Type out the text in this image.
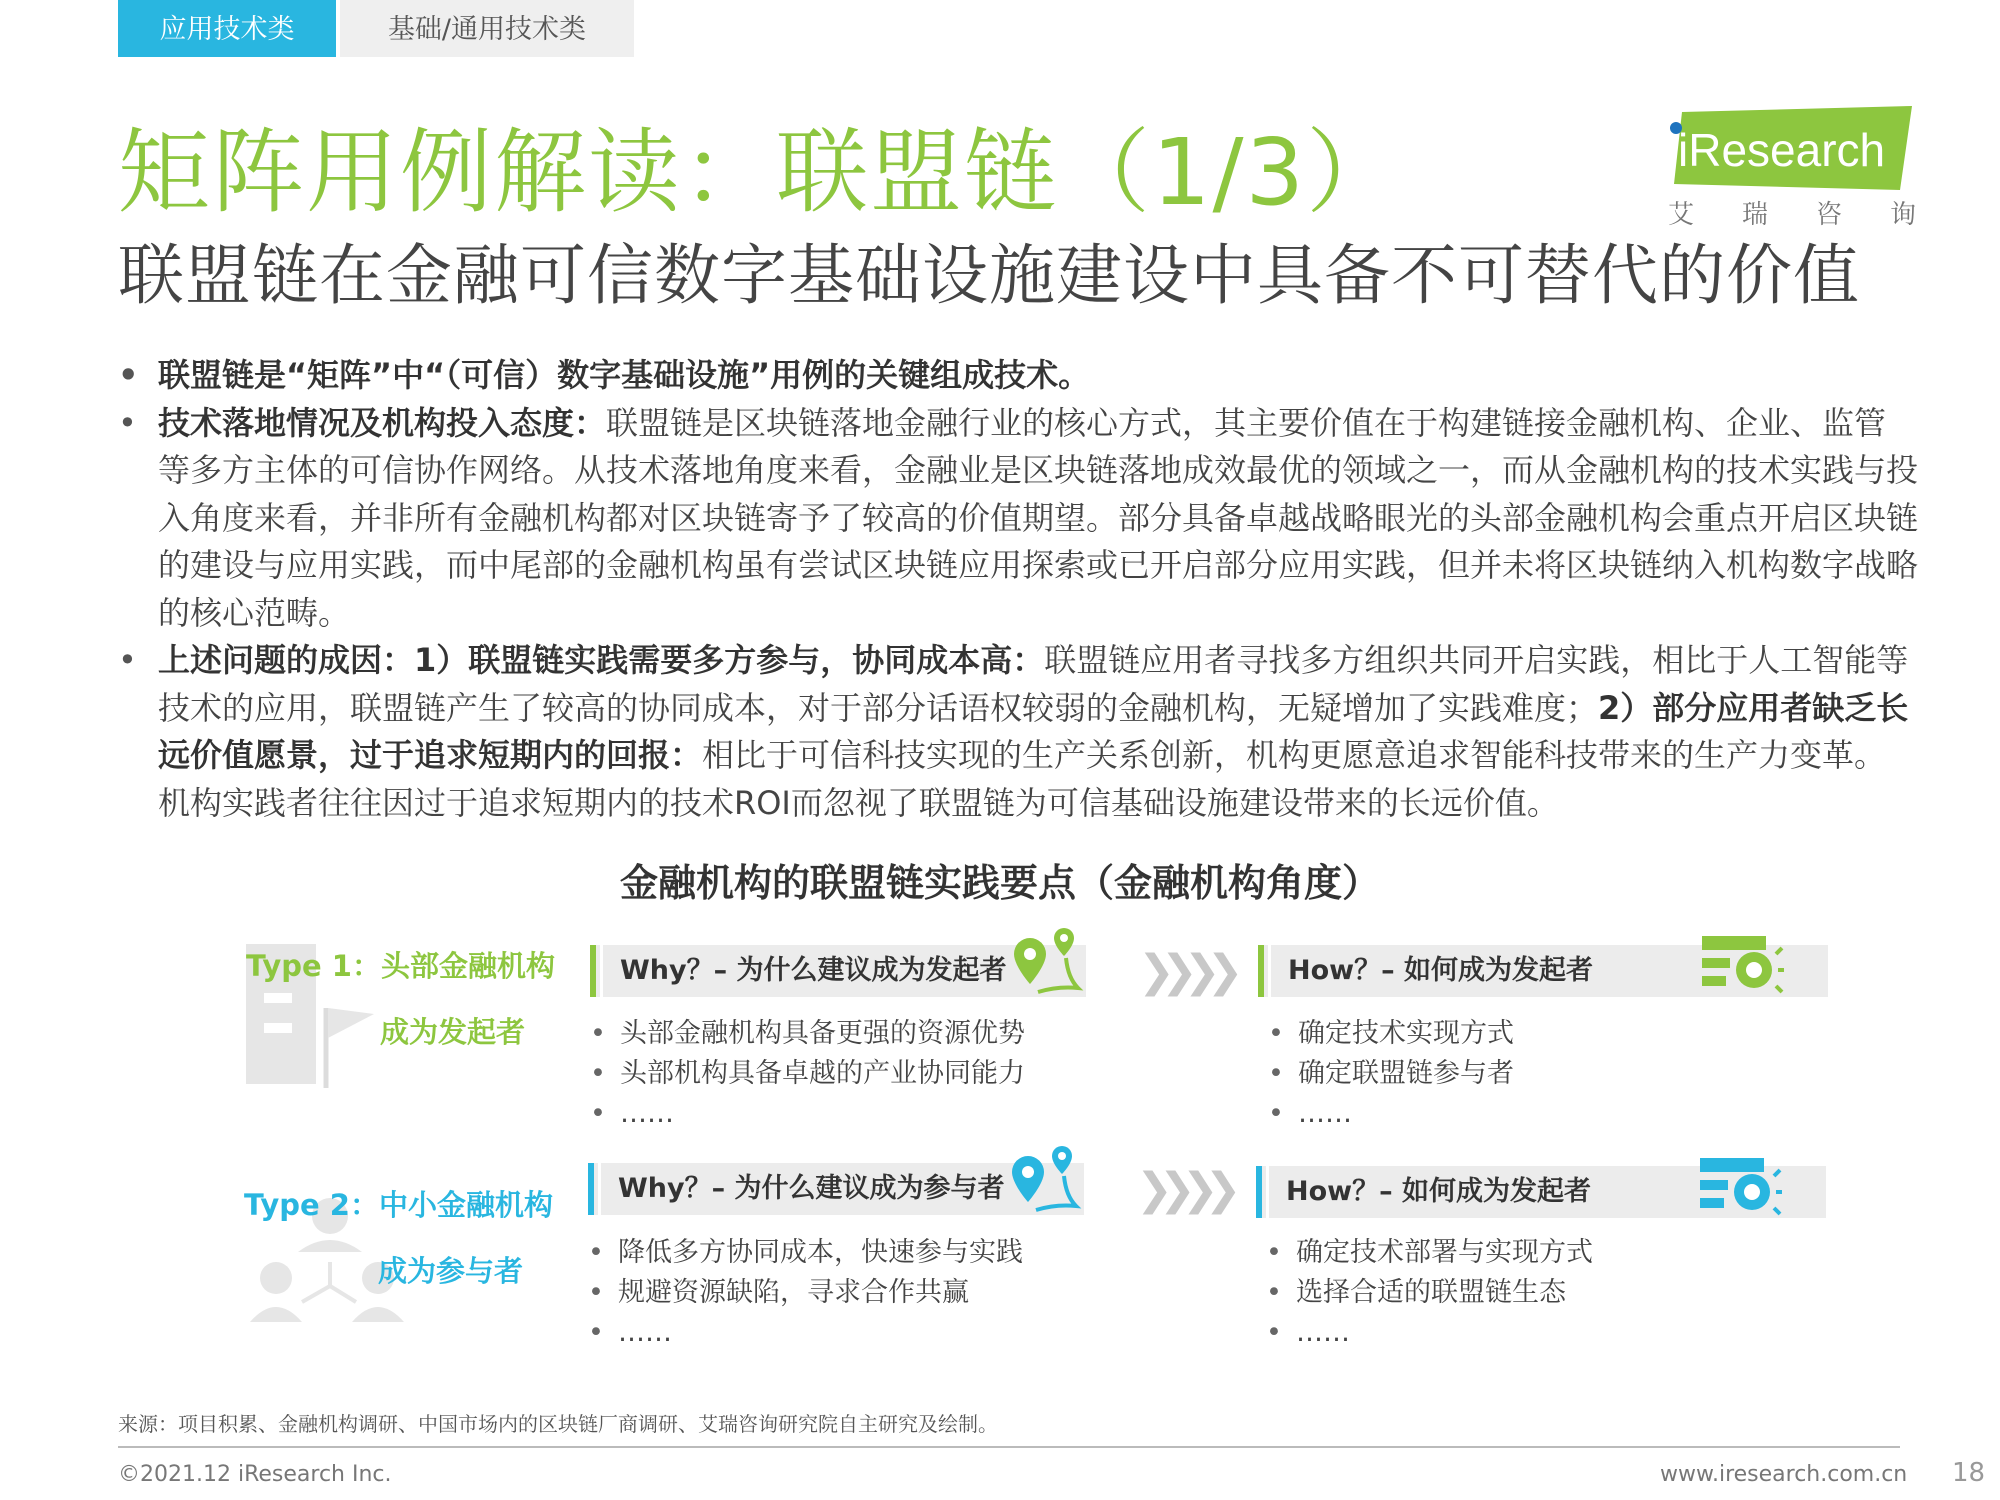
应用技术类	基础/通用技术类
矩阵用例解读：联盟链（1/3）
联盟链在金融可信数字基础设施建设中具备不可替代的价值
iResearch
艾 瑞 咨 询
• 联盟链是“矩阵”中“（可信）数字基础设施”用例的关键组成技术。
• 技术落地情况及机构投入态度：联盟链是区块链落地金融行业的核心方式，其主要价值在于构建链接金融机构、企业、监管等多方主体的可信协作网络。从技术落地角度来看，金融业是区块链落地成效最优的领域之一，而从金融机构的技术实践与投入角度来看，并非所有金融机构都对区块链寄予了较高的价值期望。部分具备卓越战略眼光的头部金融机构会重点开启区块链的建设与应用实践，而中尾部的金融机构虽有尝试区块链应用探索或已开启部分应用实践，但并未将区块链纳入机构数字战略的核心范畴。
• 上述问题的成因：1）联盟链实践需要多方参与，协同成本高：联盟链应用者寻找多方组织共同开启实践，相比于人工智能等技术的应用，联盟链产生了较高的协同成本，对于部分话语权较弱的金融机构，无疑增加了实践难度；2）部分应用者缺乏长远价值愿景，过于追求短期内的回报：相比于可信科技实现的生产关系创新，机构更愿意追求智能科技带来的生产力变革。机构实践者往往因过于追求短期内的技术ROI而忽视了联盟链为可信基础设施建设带来的长远价值。
金融机构的联盟链实践要点（金融机构角度）
Type 1：头部金融机构
成为发起者
Why？– 为什么建议成为发起者
• 头部金融机构具备更强的资源优势
• 头部机构具备卓越的产业协同能力
• ……
❯❯❯❯	How？– 如何成为发起者
• 确定技术实现方式
• 确定联盟链参与者
• ……
Type 2：中小金融机构
成为参与者
Why？– 为什么建议成为参与者
• 降低多方协同成本，快速参与实践
• 规避资源缺陷，寻求合作共赢
• ……
❯❯❯❯	How？– 如何成为发起者
• 确定技术部署与实现方式
• 选择合适的联盟链生态
• ……
来源：项目积累、金融机构调研、中国市场内的区块链厂商调研、艾瑞咨询研究院自主研究及绘制。
©2021.12 iResearch Inc.	www.iresearch.com.cn 18
